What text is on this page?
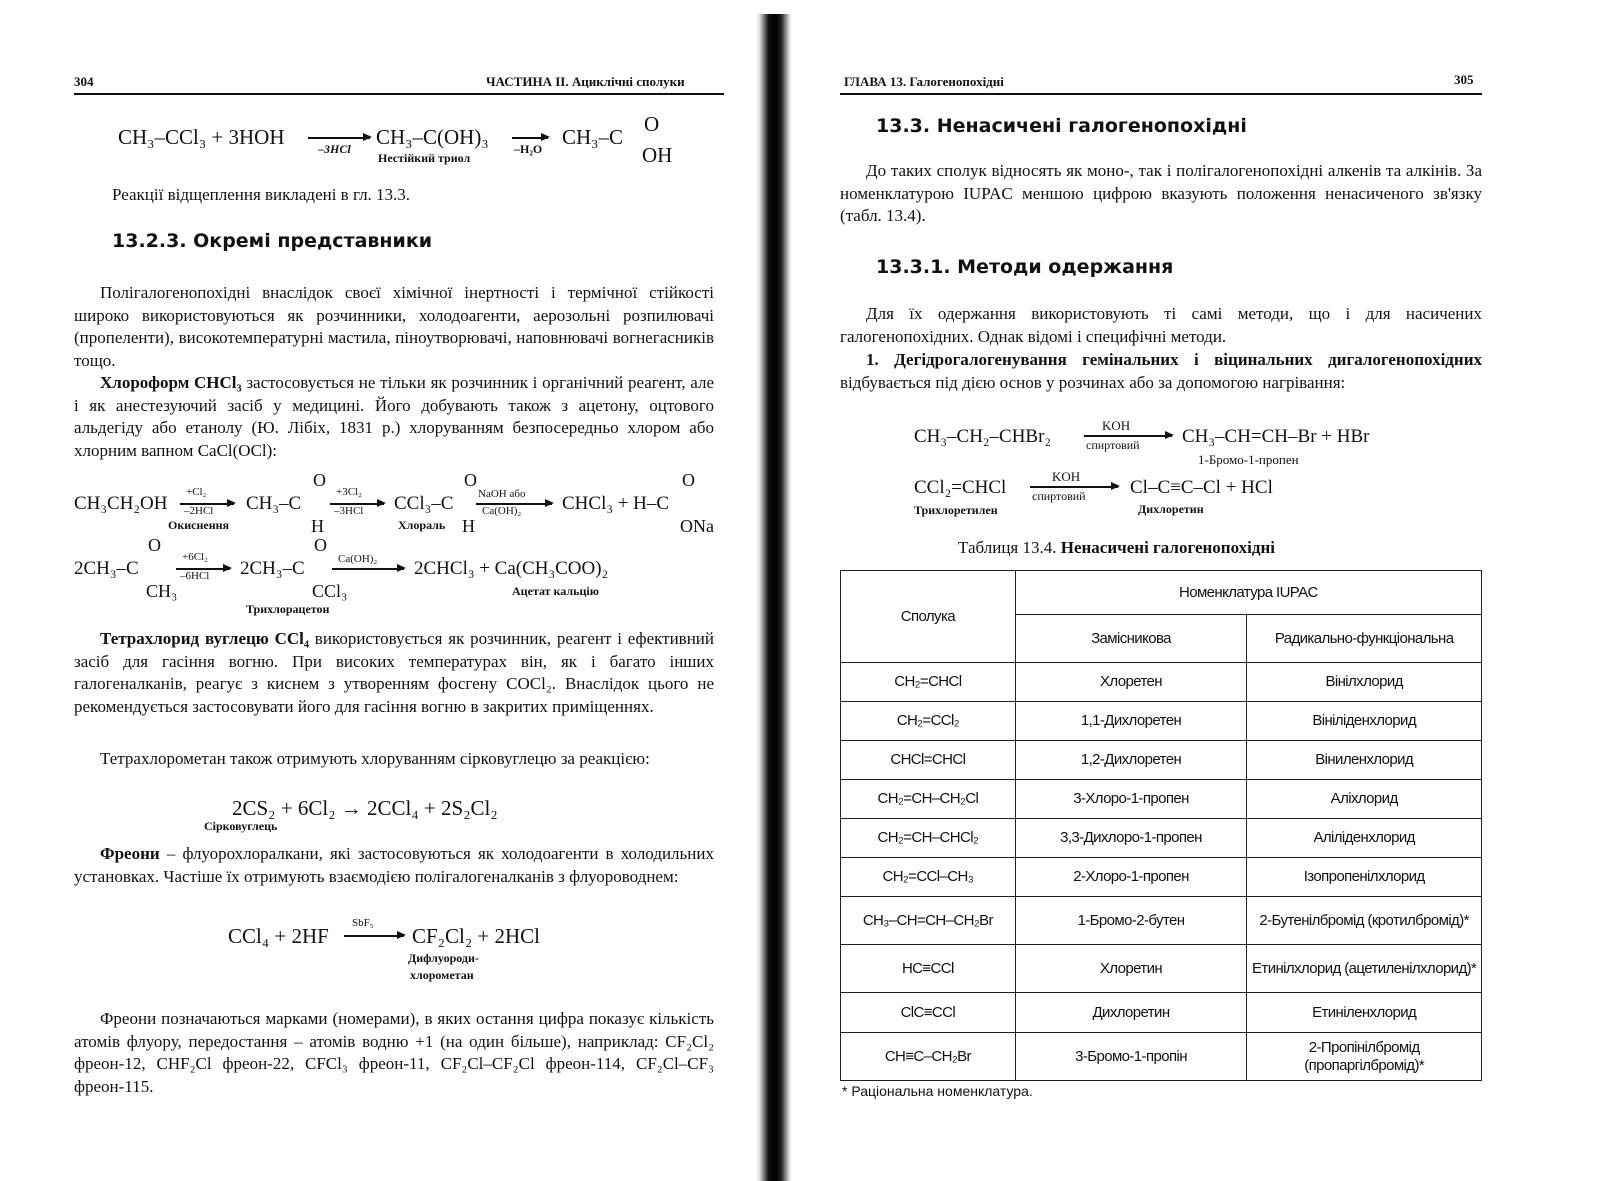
304	ЧАСТИНА ІІ. Ациклічні сполуки
CH₃–CCl₃ + 3HOH	–3HCl CH₃–C(OH)₃
Нестійкий триол
–H₂O CH₃–C
O
OH
Реакції відщеплення викладені в гл. 13.3.
13.2.3. Окремі представники

Полігалогенопохідні внаслідок своєї хімічної інертності і термічної стійкості широко використовуються як розчинники, холодоагенти, аерозольні розпилювачі (пропеленти), високотемпературні мастила, піноутворювачі, наповнювачі вогнегасників тощо.

Хлороформ CHCl₃ застосовується не тільки як розчинник і органічний реагент, але і як анестезуючий засіб у медицині. Його добувають також з ацетону, оцтового альдегіду або етанолу (Ю. Лібіх, 1831 р.) хлоруванням безпосередньо хлором або хлорним вапном CaCl(OCl):

CH₃CH₂OH
+Cl₂
–2HCl
Окиснення
CH₃–C
O
H
+3Cl₂
–3HCl CCl₃–C
Хлораль H
O
NaOH або
Ca(OH)₂ CHCl₃ + H–C
O
ONa
2CH₃–C
O
CH₃
+6Cl₂
–6HCl 2CH₃–C
O
CCl₃
Трихлорацетон
Ca(OH)₂ 2CHCl₃ + Ca(CH₃COO)₂
Ацетат кальцію

Тетрахлорид вуглецю CCl₄ використовується як розчинник, реагент і ефективний засіб для гасіння вогню. При високих температурах він, як і багато інших галогеналканів, реагує з киснем з утворенням фосгену COCl₂. Внаслідок цього не рекомендується застосовувати його для гасіння вогню в закритих приміщеннях.

Тетрахлорометан також отримують хлоруванням сірковуглецю за реакцією:

2CS₂ + 6Cl₂ → 2CCl₄ + 2S₂Cl₂
Сірковуглець

Фреони – флуорохлоралкани, які застосовуються як холодоагенти в холодильних установках. Частіше їх отримують взаємодією полігалогеналканів з флуороводнем:

CCl₄ + 2HF
SbF₅
CF₂Cl₂ + 2HCl
Дифлуороди-
хлорометан

Фреони позначаються марками (номерами), в яких остання цифра показує кількість атомів флуору, передостання – атомів водню +1 (на один більше), наприклад: CF₂Cl₂ фреон-12, CHF₂Cl фреон-22, CFCl₃ фреон-11, CF₂Cl–CF₂Cl фреон-114, CF₂Cl–CF₃ фреон-115.

ГЛАВА 13. Галогенопохідні	305
13.3. Ненасичені галогенопохідні

До таких сполук відносять як моно-, так і полігалогенопохідні алкенів та алкінів. За номенклатурою IUPAC меншою цифрою вказують положення ненасиченого зв'язку (табл. 13.4).

13.3.1. Методи одержання

Для їх одержання використовують ті самі методи, що і для насичених галогенопохідних. Однак відомі і специфічні методи.

1. Дегідрогалогенування гемінальних і віцинальних дигалогенопохідних відбувається під дією основ у розчинах або за допомогою нагрівання:

CH₃–CH₂–CHBr₂
KOH
спиртовий CH₃–CH=CH–Br + HBr
1-Бромо-1-пропен
CCl₂=CHCl
KOH
спиртовий Cl–C≡C–Cl + HCl
Трихлоретилен	Дихлоретин
Таблиця 13.4. Ненасичені галогенопохідні
Сполука	Номенклатура IUPAC	
	Замісникова	Радикально-функціональна
CH₂=CHCl	Хлоретен	Вінілхлорид
CH₂=CCl₂	1,1-Дихлоретен	Вініліденхлорид
CHCl=CHCl	1,2-Дихлоретен	Віниленхлорид
CH₂=CH–CH₂Cl	3-Хлоро-1-пропен	Аліхлорид
CH₂=CH–CHCl₂	3,3-Дихлоро-1-пропен	Аліліденхлорид
CH₂=CCl–CH₃	2-Хлоро-1-пропен	Ізопропенілхлорид
CH₃–CH=CH–CH₂Br	1-Бромо-2-бутен	2-Бутенілбромід (кротилбромід)*
HC≡CCl	Хлоретин	Етинілхлорид (ацетиленілхлорид)*
ClC≡CCl	Дихлоретин	Етиніленхлорид
CH≡C–CH₂Br	3-Бромо-1-пропін	2-Пропінілбромід (пропаргілбромід)*
* Раціональна номенклатура.
